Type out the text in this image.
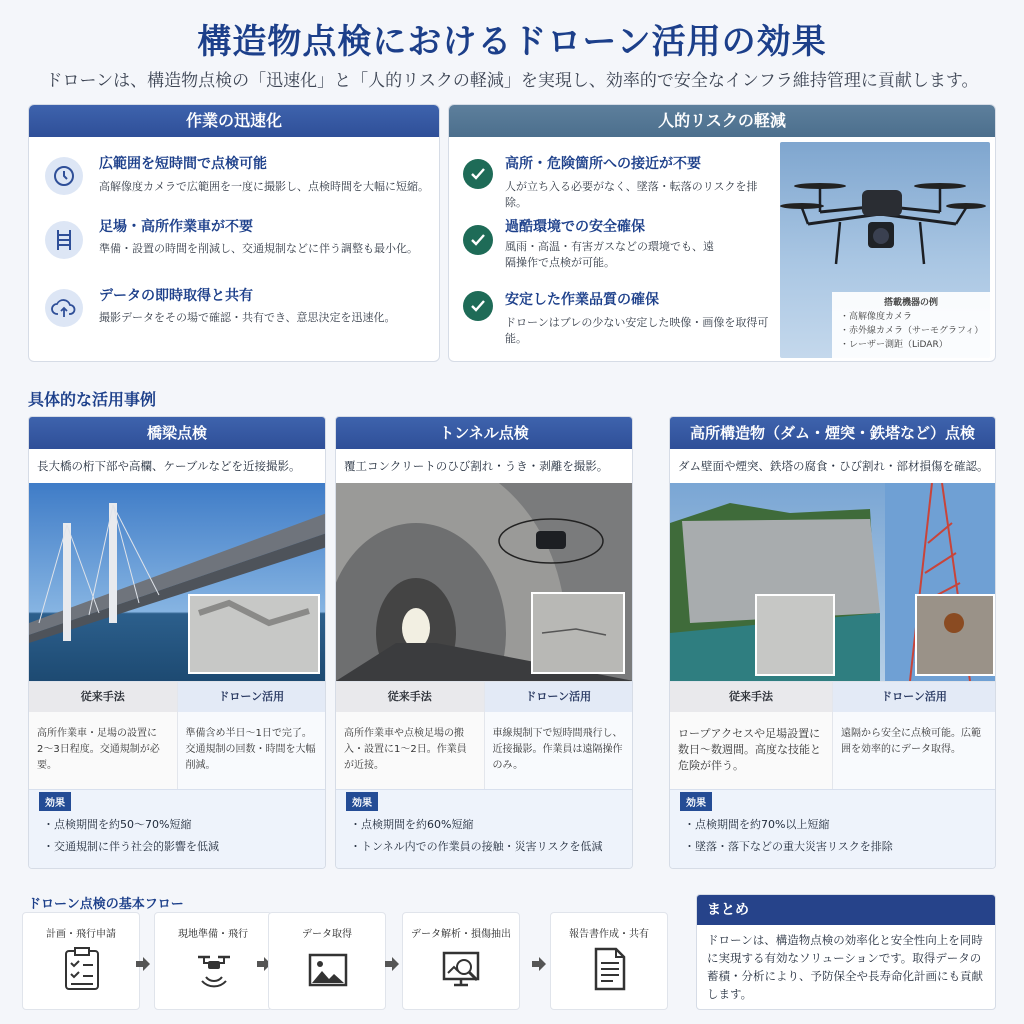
構造物点検におけるドローン活用の効果
ドローンは、構造物点検の「迅速化」と「人的リスクの軽減」を実現し、効率的で安全なインフラ維持管理に貢献します。
作業の迅速化
広範囲を短時間で点検可能
高解像度カメラで広範囲を一度に撮影し、点検時間を大幅に短縮。
足場・高所作業車が不要
準備・設置の時間を削減し、交通規制などに伴う調整も最小化。
データの即時取得と共有
撮影データをその場で確認・共有でき、意思決定を迅速化。
人的リスクの軽減
高所・危険箇所への接近が不要
人が立ち入る必要がなく、墜落・転落のリスクを排除。
過酷環境での安全確保
風雨・高温・有害ガスなどの環境でも、遠隔操作で点検が可能。
安定した作業品質の確保
ドローンはブレの少ない安定した映像・画像を取得可能。
搭載機器の例
・高解像度カメラ
・赤外線カメラ（サーモグラフィ）
・レーザー測距（LiDAR）
具体的な活用事例
橋梁点検
長大橋の桁下部や高欄、ケーブルなどを近接撮影。
従来手法
高所作業車・足場の設置に2〜3日程度。交通規制が必要。
ドローン活用
準備含め半日〜1日で完了。交通規制の回数・時間を大幅削減。
効果
・点検期間を約50〜70%短縮
・交通規制に伴う社会的影響を低減
トンネル点検
覆工コンクリートのひび割れ・うき・剥離を撮影。
従来手法
高所作業車や点検足場の搬入・設置に1〜2日。作業員が近接。
ドローン活用
車線規制下で短時間飛行し、近接撮影。作業員は遠隔操作のみ。
効果
・点検期間を約60%短縮
・トンネル内での作業員の接触・災害リスクを低減
高所構造物（ダム・煙突・鉄塔など）点検
ダム壁面や煙突、鉄塔の腐食・ひび割れ・部材損傷を確認。
従来手法
ロープアクセスや足場設置に数日〜数週間。高度な技能と危険が伴う。
ドローン活用
遠隔から安全に点検可能。広範囲を効率的にデータ取得。
効果
・点検期間を約70%以上短縮
・墜落・落下などの重大災害リスクを排除
ドローン点検の基本フロー
計画・飛行申請	現地準備・飛行	データ取得	データ解析・損傷抽出	報告書作成・共有
まとめ
ドローンは、構造物点検の効率化と安全性向上を同時に実現する有効なソリューションです。取得データの蓄積・分析により、予防保全や長寿命化計画にも貢献します。
